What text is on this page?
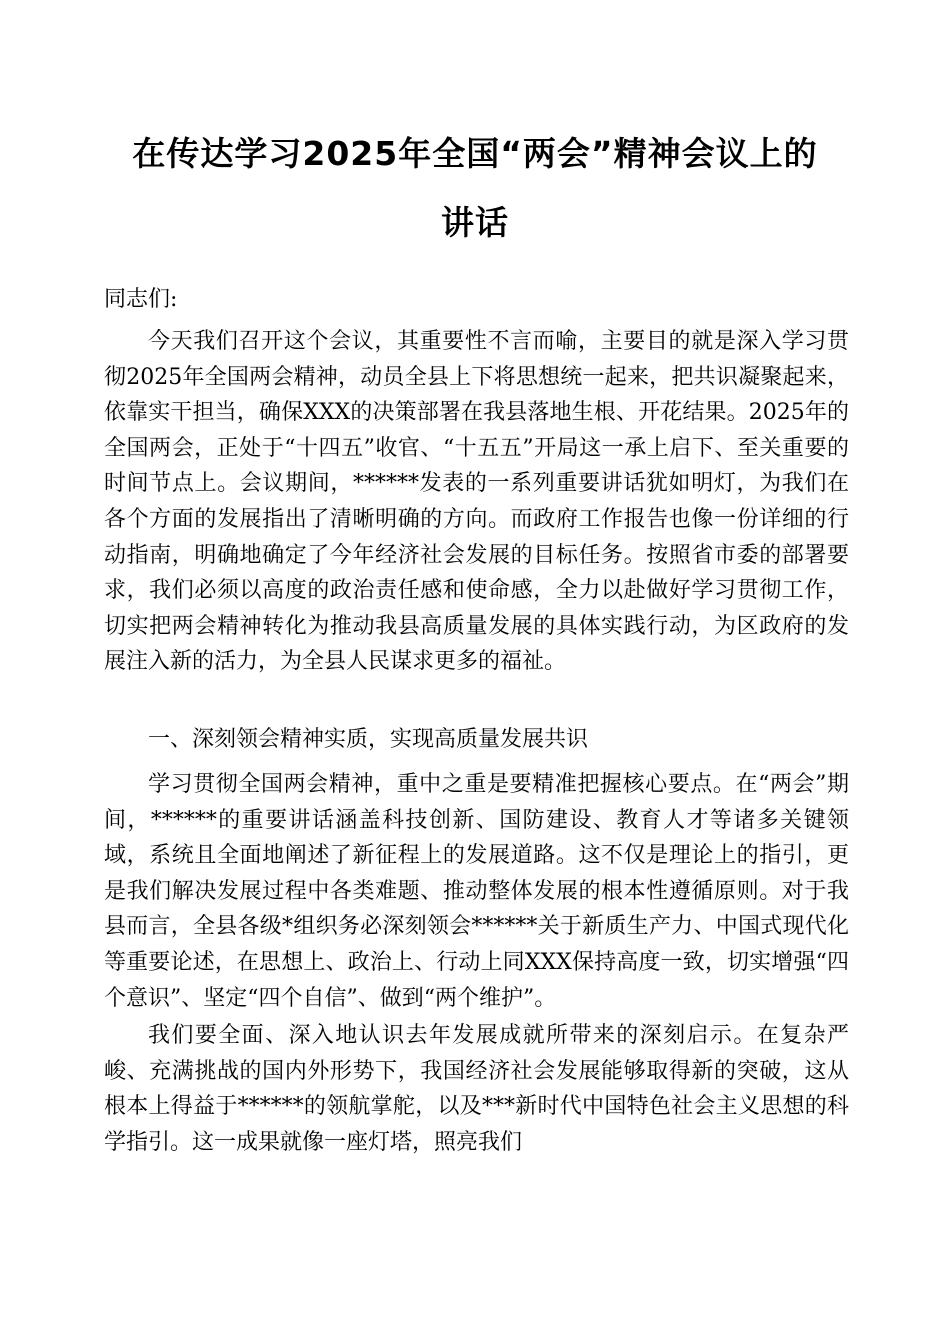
在传达学习2025年全国“两会”精神会议上的
讲话

同志们:

今天我们召开这个会议，其重要性不言而喻，主要目的就是深入学习贯彻2025年全国两会精神，动员全县上下将思想统一起来，把共识凝聚起来，依靠实干担当，确保XXX的决策部署在我县落地生根、开花结果。2025年的全国两会，正处于“十四五”收官、“十五五”开局这一承上启下、至关重要的时间节点上。会议期间，******发表的一系列重要讲话犹如明灯，为我们在各个方面的发展指出了清晰明确的方向。而政府工作报告也像一份详细的行动指南，明确地确定了今年经济社会发展的目标任务。按照省市委的部署要求，我们必须以高度的政治责任感和使命感，全力以赴做好学习贯彻工作，切实把两会精神转化为推动我县高质量发展的具体实践行动，为区政府的发展注入新的活力，为全县人民谋求更多的福祉。

一、深刻领会精神实质，实现高质量发展共识

学习贯彻全国两会精神，重中之重是要精准把握核心要点。在“两会”期间，******的重要讲话涵盖科技创新、国防建设、教育人才等诸多关键领域，系统且全面地阐述了新征程上的发展道路。这不仅是理论上的指引，更是我们解决发展过程中各类难题、推动整体发展的根本性遵循原则。对于我县而言，全县各级*组织务必深刻领会******关于新质生产力、中国式现代化等重要论述，在思想上、政治上、行动上同XXX保持高度一致，切实增强“四个意识”、坚定“四个自信”、做到“两个维护”。

我们要全面、深入地认识去年发展成就所带来的深刻启示。在复杂严峻、充满挑战的国内外形势下，我国经济社会发展能够取得新的突破，这从根本上得益于******的领航掌舵，以及***新时代中国特色社会主义思想的科学指引。这一成果就像一座灯塔，照亮我们
